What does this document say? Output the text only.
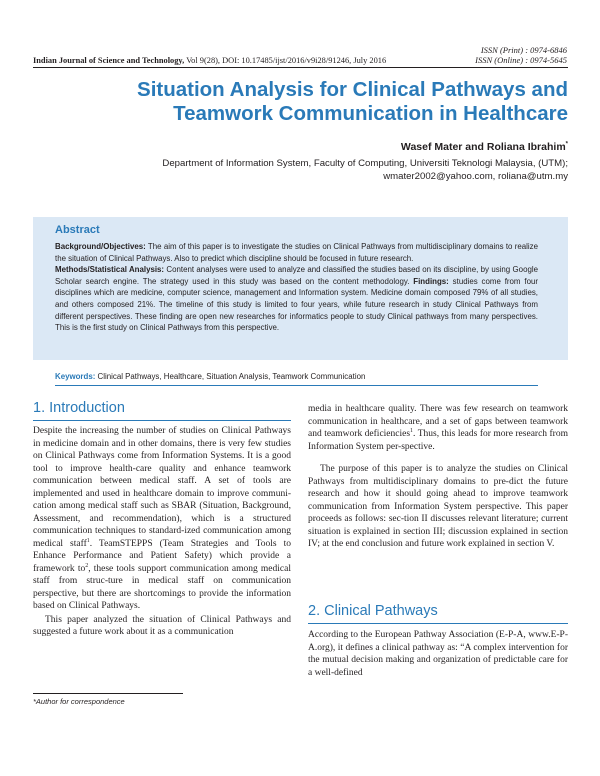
ISSN (Print) : 0974-6846
ISSN (Online) : 0974-5645
Indian Journal of Science and Technology, Vol 9(28), DOI: 10.17485/ijst/2016/v9i28/91246, July 2016
Situation Analysis for Clinical Pathways and
Teamwork Communication in Healthcare
Wasef Mater and Roliana Ibrahim*
Department of Information System, Faculty of Computing, Universiti Teknologi Malaysia, (UTM);
wmater2002@yahoo.com, roliana@utm.my
Abstract
Background/Objectives: The aim of this paper is to investigate the studies on Clinical Pathways from multidisciplinary domains to realize the situation of Clinical Pathways. Also to predict which discipline should be focused in future research.
Methods/Statistical Analysis: Content analyses were used to analyze and classified the studies based on its discipline, by using Google Scholar search engine. The strategy used in this study was based on the content methodology. Findings: studies come from four disciplines which are medicine, computer science, management and Information system. Medicine domain composed 79% of all studies, and others composed 21%. The timeline of this study is limited to four years, while future research in study Clinical Pathways from different perspectives. These finding are open new researches for informatics people to study Clinical pathways from many perspectives. This is the first study on Clinical Pathways from this perspective.
Keywords: Clinical Pathways, Healthcare, Situation Analysis, Teamwork Communication
1. Introduction

Despite the increasing the number of studies on Clinical Pathways in medicine domain and in other domains, there is very few studies on Clinical Pathways come from Information Systems. It is a good tool to improve health-care quality and enhance teamwork communication between medical staff. A set of tools are implemented and used in healthcare domain to improve communi-cation among medical staff such as SBAR (Situation, Background, Assessment, and recommendation), which is a structured communication techniques to standard-ized communication among medical staff$^1$. TeamSTEPPS (Team Strategies and Tools to Enhance Performance and Patient Safety) which provide a framework $to^2$, these tools support communication among medical staff from struc-ture in medical staff on communication perspective, but there are shortcomings to provide the information based on Clinical Pathways.

This paper analyzed the situation of Clinical Pathways and suggested a future work about it as a communication

media in healthcare quality. There was few research on teamwork communication in healthcare, and a set of gaps between teamwork and teamwork deficiencies$^1$. Thus, this leads for more research from Information System per-spective.

The purpose of this paper is to analyze the studies on Clinical Pathways from multidisciplinary domains to pre-dict the future research and how it should going ahead to improve teamwork communication from Information System perspective. This paper proceeds as follows: sec-tion II discusses relevant literature; current situation is explained in section III; discussion explained in section IV; at the end conclusion and future work explained in section V.

2. Clinical Pathways

According to the European Pathway Association (E-P-A, www.E-P-A.org), it defines a clinical pathway as: “A complex intervention for the mutual decision making and organization of predictable care for a well-defined

*Author for correspondence
